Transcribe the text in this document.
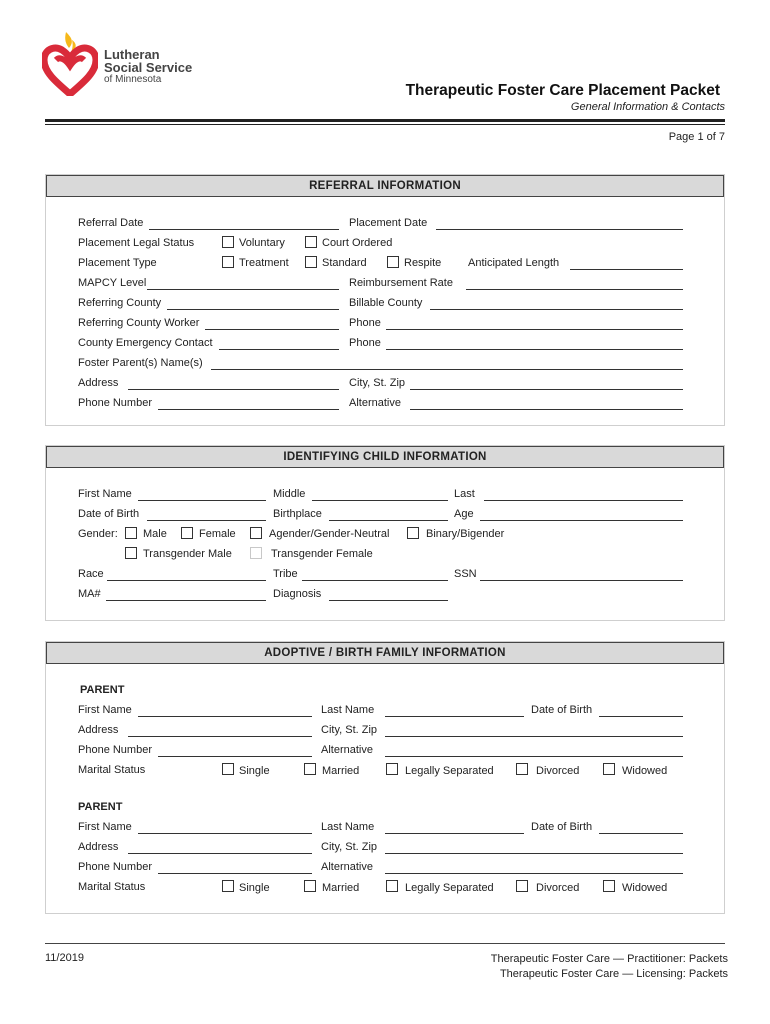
Lutheran
Social Service
of Minnesota
Therapeutic Foster Care Placement Packet
General Information & Contacts
Page 1 of 7
REFERRAL INFORMATION
Referral Date	Placement Date
Placement Legal Status	Voluntary	Court Ordered
Placement Type	Treatment	Standard	Respite Anticipated Length
MAPCY Level	Reimbursement Rate
Referring County	Billable County
Referring County Worker	Phone
County Emergency Contact	Phone
Foster Parent(s) Name(s)
Address	City, St. Zip
Phone Number	Alternative
IDENTIFYING CHILD INFORMATION
First Name	Middle	Last
Date of Birth	Birthplace	Age
Gender: Male	Female	Agender/Gender-Neutral	Binary/Bigender
Transgender Male	Transgender Female
Race	Tribe	SSN
MA#	Diagnosis
ADOPTIVE / BIRTH FAMILY INFORMATION
PARENT
First Name	Last Name	Date of Birth
Address	City, St. Zip
Phone Number	Alternative
Marital Status	Single	Married	Legally Separated	Divorced	Widowed
PARENT
First Name	Last Name	Date of Birth
Address	City, St. Zip
Phone Number	Alternative
Marital Status	Single	Married	Legally Separated	Divorced	Widowed
11/2019	Therapeutic Foster Care — Practitioner: Packets
Therapeutic Foster Care — Licensing: Packets
